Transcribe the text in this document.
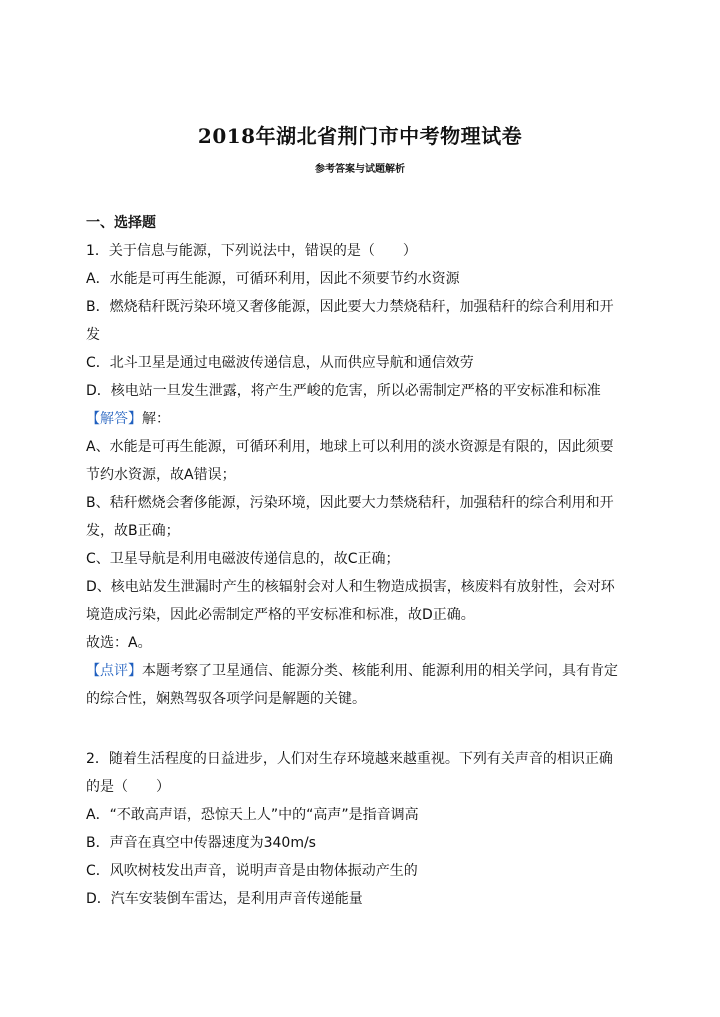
2018年湖北省荆门市中考物理试卷
参考答案与试题解析
一、选择题
1．关于信息与能源，下列说法中，错误的是（　　）
A．水能是可再生能源，可循环利用，因此不须要节约水资源
B．燃烧秸秆既污染环境又奢侈能源，因此要大力禁烧秸秆，加强秸秆的综合利用和开
发
C．北斗卫星是通过电磁波传递信息，从而供应导航和通信效劳
D．核电站一旦发生泄露，将产生严峻的危害，所以必需制定严格的平安标准和标准
【解答】解：
A、水能是可再生能源，可循环利用，地球上可以利用的淡水资源是有限的，因此须要
节约水资源，故A错误；
B、秸秆燃烧会奢侈能源，污染环境，因此要大力禁烧秸秆，加强秸秆的综合利用和开
发，故B正确；
C、卫星导航是利用电磁波传递信息的，故C正确；
D、核电站发生泄漏时产生的核辐射会对人和生物造成损害，核废料有放射性，会对环
境造成污染，因此必需制定严格的平安标准和标准，故D正确。
故选：A。
【点评】本题考察了卫星通信、能源分类、核能利用、能源利用的相关学问，具有肯定
的综合性，娴熟驾驭各项学问是解题的关键。
2．随着生活程度的日益进步，人们对生存环境越来越重视。下列有关声音的相识正确
的是（　　）
A．“不敢高声语，恐惊天上人”中的“高声”是指音调高
B．声音在真空中传器速度为340m/s
C．风吹树枝发出声音，说明声音是由物体振动产生的
D．汽车安装倒车雷达，是利用声音传递能量
